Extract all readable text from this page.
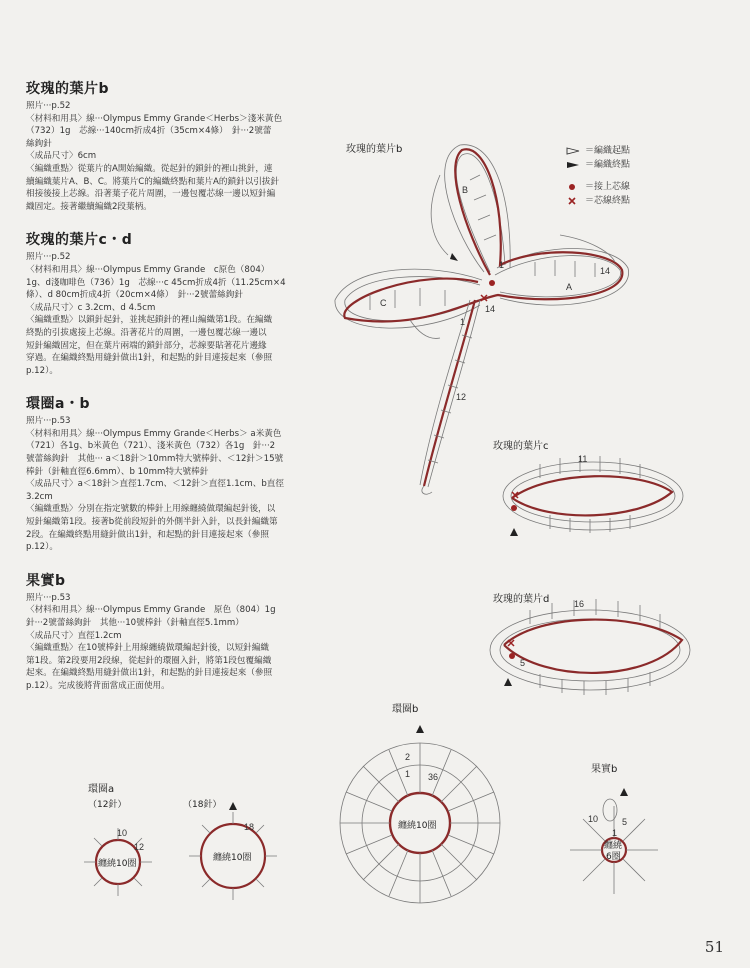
玫瑰的葉片b

照片···p.52

〈材料和用具〉線···Olympus Emmy Grande＜Herbs＞淺米黃色

（732）1g　芯線···140cm折成4折（35cm×4條）　針···2號蕾

絲鉤針

〈成品尺寸〉6cm

〈編織重點〉從葉片的A開始編織。從起針的鎖針的裡山挑針，連

續編織葉片A、B、C。將葉片C的編織終點和葉片A的鎖針以引拔針

相接後接上芯線。沿著葉子花片周圍，一邊包覆芯線一邊以短針編

織固定。接著繼續編織2段葉柄。

玫瑰的葉片c・d

照片···p.52

〈材料和用具〉線···Olympus Emmy Grande　c原色（804）

1g、d淺咖啡色（736）1g　芯線···c 45cm折成4折（11.25cm×4

條）、d 80cm折成4折（20cm×4條）　針···2號蕾絲鉤針

〈成品尺寸〉c 3.2cm、d 4.5cm

〈編織重點〉以鎖針起針，並挑起鎖針的裡山編織第1段。在編織

終點的引拔處接上芯線。沿著花片的周圍，一邊包覆芯線一邊以

短針編織固定，但在葉片兩端的鎖針部分，芯線要貼著花片邊緣

穿過。在編織終點用縫針做出1針，和起點的針目連接起來（參照

p.12）。

環圈a・b

照片···p.53

〈材料和用具〉線···Olympus Emmy Grande＜Herbs＞ a米黃色

（721）各1g、b米黃色（721）、淺米黃色（732）各1g　針···2

號蕾絲鉤針　其他··· a＜18針＞10mm特大號棒針、＜12針＞15號

棒針（針軸直徑6.6mm）、b 10mm特大號棒針

〈成品尺寸〉a＜18針＞直徑1.7cm、＜12針＞直徑1.1cm、b直徑

3.2cm

〈編織重點〉分別在指定號數的棒針上用線纏繞做環編起針後，以

短針編織第1段。接著b從前段短針的外側半針入針，以長針編織第

2段。在編織終點用縫針做出1針，和起點的針目連接起來（參照

p.12）。

果實b

照片···p.53

〈材料和用具〉線···Olympus Emmy Grande　原色（804）1g

針···2號蕾絲鉤針　其他···10號棒針（針軸直徑5.1mm）

〈成品尺寸〉直徑1.2cm

〈編織重點〉在10號棒針上用線纏繞做環編起針後，以短針編織

第1段。第2段要用2段線，從起針的環圈入針，將第1段包覆編織

起來。在編織終點用縫針做出1針，和起點的針目連接起來（參照

p.12）。完成後將背面當成正面使用。

玫瑰的葉片b
玫瑰的葉片c
玫瑰的葉片d
環圈b
環圈a
（12針）	（18針）
果實b
＝編織起點
＝編織終點
＝接上芯線
＝芯線終點
B
A
C
1
14
14
1
12
11
16
5
纏繞10圈
36
2
1
纏繞10圈
12
10
纏繞10圈
18
纏繞
6圈
10	5
1
51
